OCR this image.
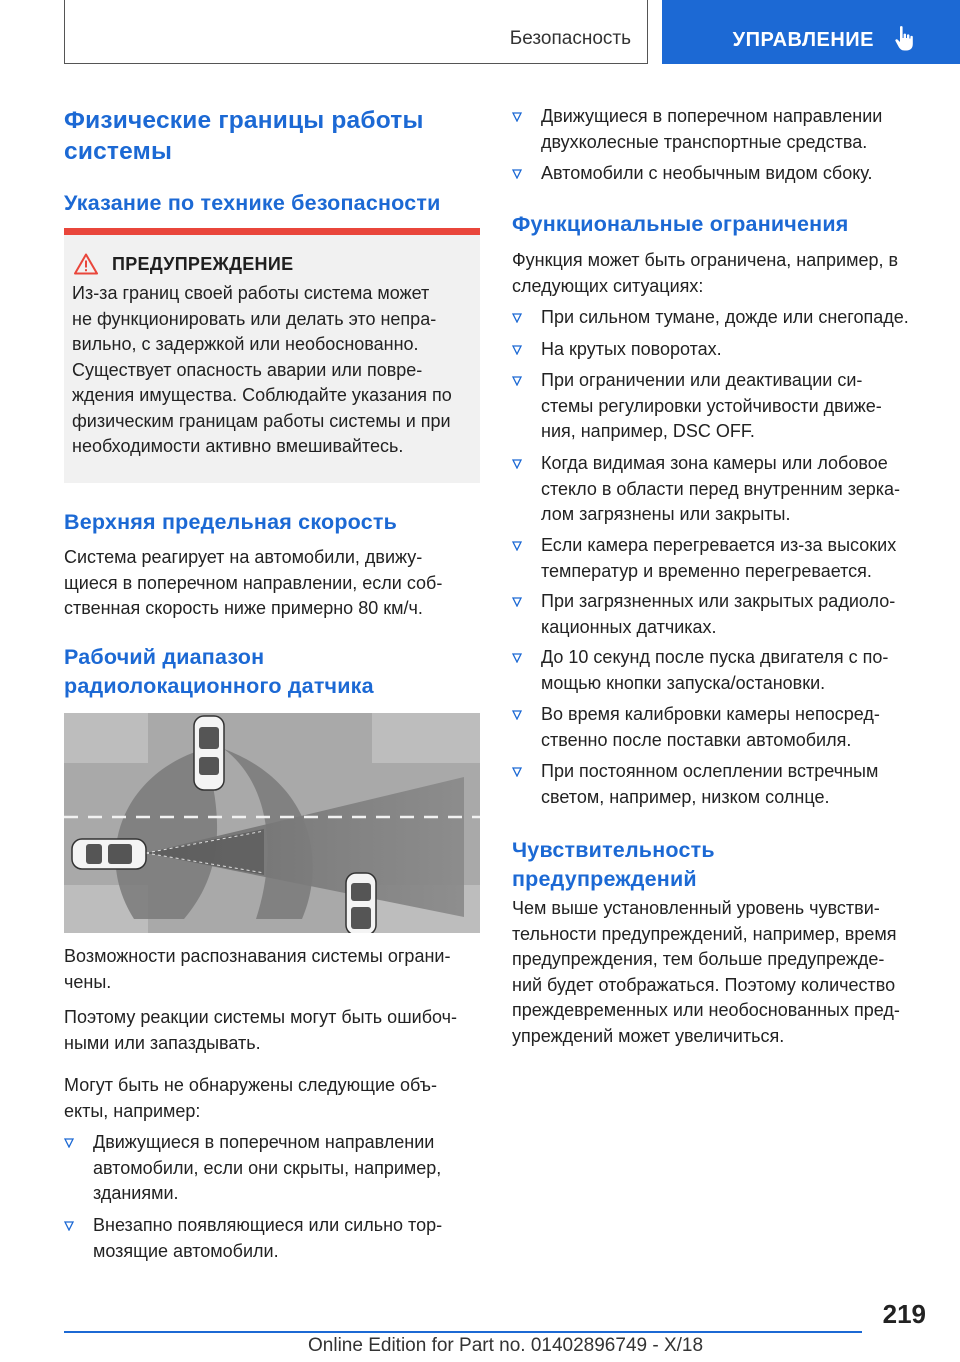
Безопасность	УПРАВЛЕНИЕ
Физические границы работы системы
Указание по технике безопасности
ПРЕДУПРЕЖДЕНИЕ
Из-за границ своей работы система может
не функционировать или делать это непра-
вильно, с задержкой или необоснованно.
Существует опасность аварии или повре-
ждения имущества. Соблюдайте указания по
физическим границам работы системы и при
необходимости активно вмешивайтесь.
Верхняя предельная скорость
Система реагирует на автомобили, движу-
щиеся в поперечном направлении, если соб-
ственная скорость ниже примерно 80 км/ч.
Рабочий диапазон
радиолокационного датчика
Возможности распознавания системы ограни-
чены.
Поэтому реакции системы могут быть ошибоч-
ными или запаздывать.
Могут быть не обнаружены следующие объ-
екты, например:
Движущиеся в поперечном направлении
автомобили, если они скрыты, например,
зданиями.
Внезапно появляющиеся или сильно тор-
мозящие автомобили.
Движущиеся в поперечном направлении
двухколесные транспортные средства.
Автомобили с необычным видом сбоку.
Функциональные ограничения
Функция может быть ограничена, например, в
следующих ситуациях:
При сильном тумане, дожде или снегопаде.
На крутых поворотах.
При ограничении или деактивации си-
стемы регулировки устойчивости движе-
ния, например, DSC OFF.
Когда видимая зона камеры или лобовое
стекло в области перед внутренним зерка-
лом загрязнены или закрыты.
Если камера перегревается из-за высоких
температур и временно перегревается.
При загрязненных или закрытых радиоло-
кационных датчиках.
До 10 секунд после пуска двигателя с по-
мощью кнопки запуска/остановки.
Во время калибровки камеры непосред-
ственно после поставки автомобиля.
При постоянном ослеплении встречным
светом, например, низком солнце.
Чувствительность
предупреждений
Чем выше установленный уровень чувстви-
тельности предупреждений, например, время
предупреждения, тем больше предупрежде-
ний будет отображаться. Поэтому количество
преждевременных или необоснованных пред-
упреждений может увеличиться.
219
Online Edition for Part no. 01402896749 - X/18
